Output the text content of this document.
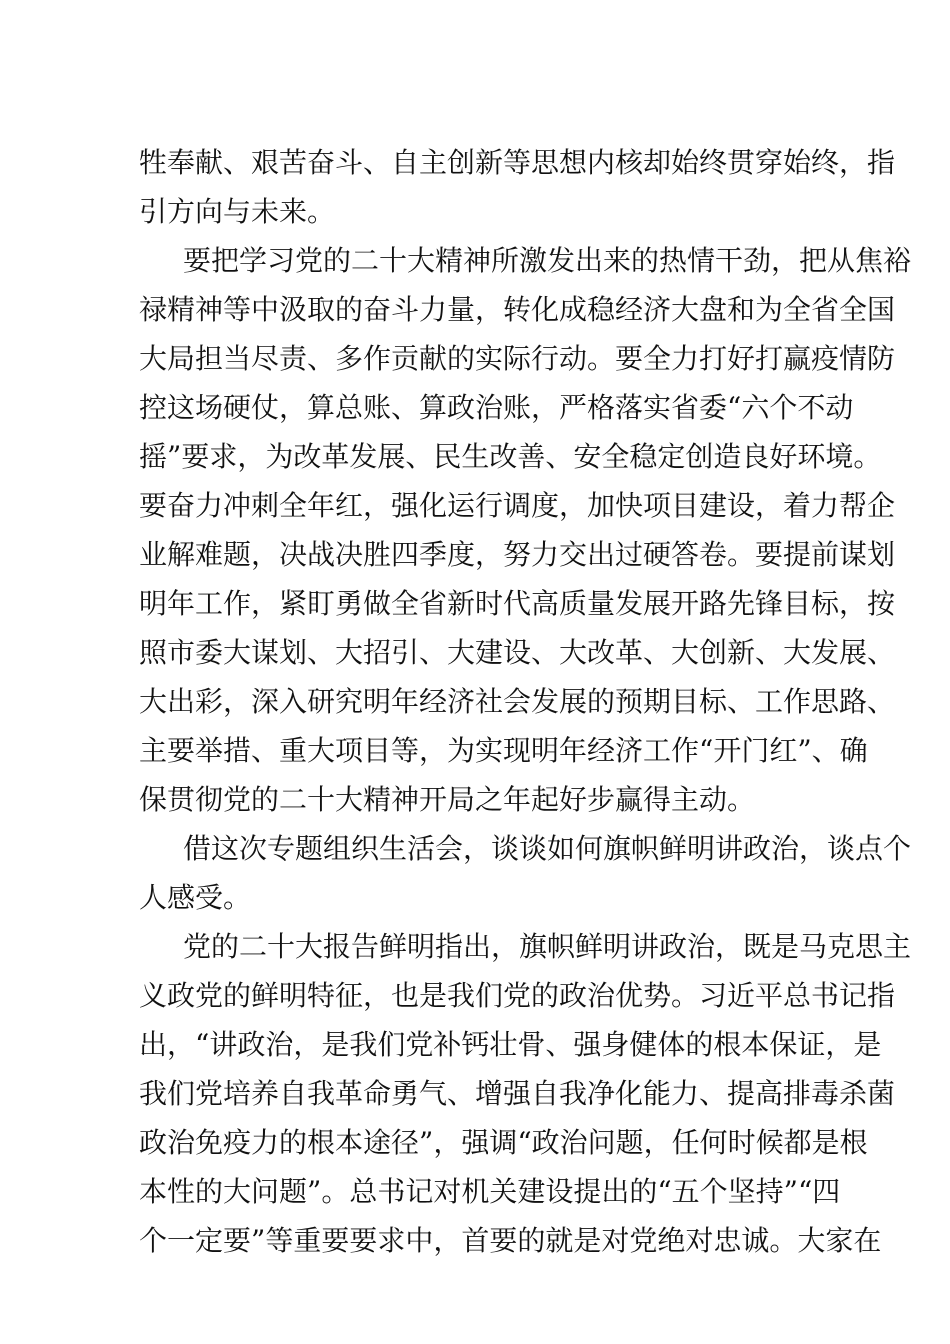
牲奉献、艰苦奋斗、自主创新等思想内核却始终贯穿始终，指
引方向与未来。
要把学习党的二十大精神所激发出来的热情干劲，把从焦裕
禄精神等中汲取的奋斗力量，转化成稳经济大盘和为全省全国
大局担当尽责、多作贡献的实际行动。要全力打好打赢疫情防
控这场硬仗，算总账、算政治账，严格落实省委“六个不动
摇”要求，为改革发展、民生改善、安全稳定创造良好环境。
要奋力冲刺全年红，强化运行调度，加快项目建设，着力帮企
业解难题，决战决胜四季度，努力交出过硬答卷。要提前谋划
明年工作，紧盯勇做全省新时代高质量发展开路先锋目标，按
照市委大谋划、大招引、大建设、大改革、大创新、大发展、
大出彩，深入研究明年经济社会发展的预期目标、工作思路、
主要举措、重大项目等，为实现明年经济工作“开门红”、确
保贯彻党的二十大精神开局之年起好步赢得主动。
借这次专题组织生活会，谈谈如何旗帜鲜明讲政治，谈点个
人感受。
党的二十大报告鲜明指出，旗帜鲜明讲政治，既是马克思主
义政党的鲜明特征，也是我们党的政治优势。习近平总书记指
出，“讲政治，是我们党补钙壮骨、强身健体的根本保证，是
我们党培养自我革命勇气、增强自我净化能力、提高排毒杀菌
政治免疫力的根本途径”，强调“政治问题，任何时候都是根
本性的大问题”。总书记对机关建设提出的“五个坚持”“四
个一定要”等重要要求中，首要的就是对党绝对忠诚。大家在
